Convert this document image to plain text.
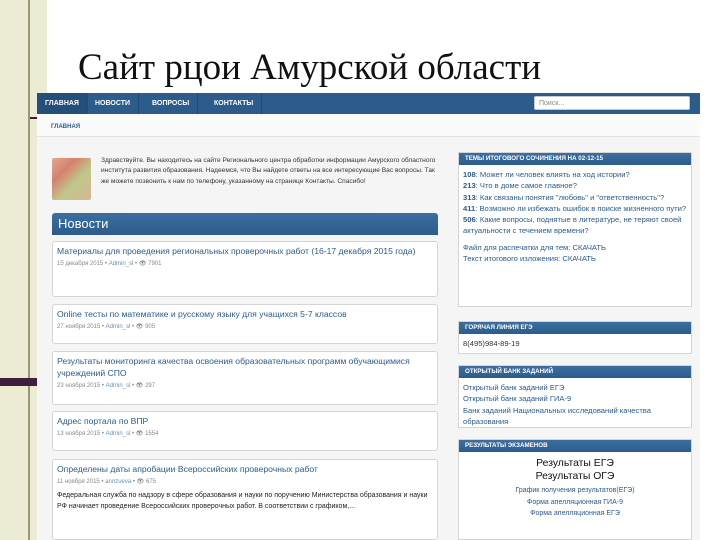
Сайт рцои Амурской области
ГЛАВНАЯ	НОВОСТИ	ВОПРОСЫ	КОНТАКТЫ	Поиск...
ГЛАВНАЯ
Здравствуйте. Вы находитесь на сайте Регионального центра обработки информации Амурского областного института развития образования. Надеемся, что Вы найдете ответы на все интересующие Вас вопросы. Так же можете позвонить к нам по телефону, указанному на странице Контакты. Спасибо!
Новости
Материалы для проведения региональных проверочных работ (16-17 декабря 2015 года)
15 декабря 2015 • Admin_sl • 👁 7901
Online тесты по математике и русскому языку для учащихся 5-7 классов
27 ноября 2015 • Admin_sl • 👁 905
Результаты мониторинга качества освоения образовательных программ обучающимися учреждений СПО
23 ноября 2015 • Admin_sl • 👁 297
Адрес портала по ВПР
13 ноября 2015 • Admin_sl • 👁 1554
Определены даты апробации Всероссийских проверочных работ
11 ноября 2015 • annzueva • 👁 675
Федеральная служба по надзору в сфере образования и науки по поручению Министерства образования и науки РФ начинает проведение Всероссийских проверочных работ. В соответствии с графиком,...
ТЕМЫ ИТОГОВОГО СОЧИНЕНИЯ НА 02-12-15
108: Может ли человек влиять на ход истории?
213: Что в доме самое главное?
313: Как связаны понятия "любовь" и "ответственность"?
411: Возможно ли избежать ошибок в поиске жизненного пути?
506: Какие вопросы, поднятые в литературе, не теряют своей актуальности с течением времени?
Файл для распечатки для тем: СКАЧАТЬ
Текст итогового изложения: СКАЧАТЬ
ГОРЯЧАЯ ЛИНИЯ ЕГЭ
8(495)984-89-19
ОТКРЫТЫЙ БАНК ЗАДАНИЙ
Открытый банк заданий ЕГЭ
Открытый банк заданий ГИА-9
Банк заданий Национальных исследований качества образования
РЕЗУЛЬТАТЫ ЭКЗАМЕНОВ
Результаты ЕГЭ
Результаты ОГЭ
График получения результатов(ЕГЭ)
Форма апелляционная ГИА-9
Форма апелляционная ЕГЭ
